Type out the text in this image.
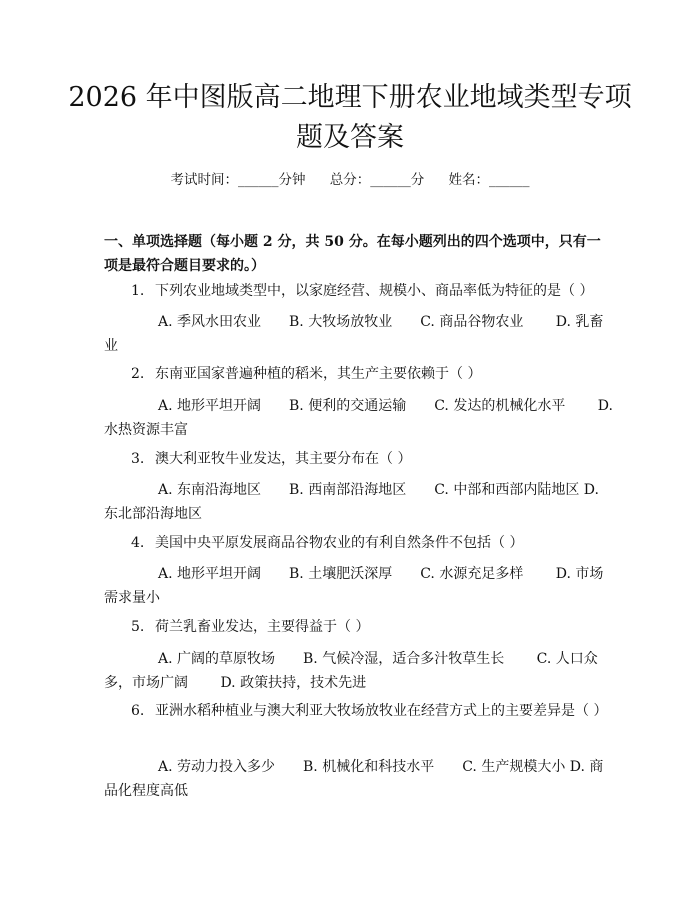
2026 年中图版高二地理下册农业地域类型专项题及答案
考试时间：______分钟 总分：______分 姓名：______
一、单项选择题（每小题 2 分，共 50 分。在每小题列出的四个选项中，只有一项是最符合题目要求的。）
1. 下列农业地域类型中，以家庭经营、规模小、商品率低为特征的是（ ）
A. 季风水田农业 B. 大牧场放牧业 C. 商品谷物农业 D. 乳畜业
2. 东南亚国家普遍种植的稻米，其生产主要依赖于（ ）
A. 地形平坦开阔 B. 便利的交通运输 C. 发达的机械化水平 D. 水热资源丰富
3. 澳大利亚牧牛业发达，其主要分布在（ ）
A. 东南沿海地区 B. 西南部沿海地区 C. 中部和西部内陆地区 D. 东北部沿海地区
4. 美国中央平原发展商品谷物农业的有利自然条件不包括（ ）
A. 地形平坦开阔 B. 土壤肥沃深厚 C. 水源充足多样 D. 市场需求量小
5. 荷兰乳畜业发达，主要得益于（ ）
A. 广阔的草原牧场 B. 气候冷湿，适合多汁牧草生长 C. 人口众多，市场广阔 D. 政策扶持，技术先进
6. 亚洲水稻种植业与澳大利亚大牧场放牧业在经营方式上的主要差异是（ ）
A. 劳动力投入多少 B. 机械化和科技水平 C. 生产规模大小 D. 商品化程度高低
